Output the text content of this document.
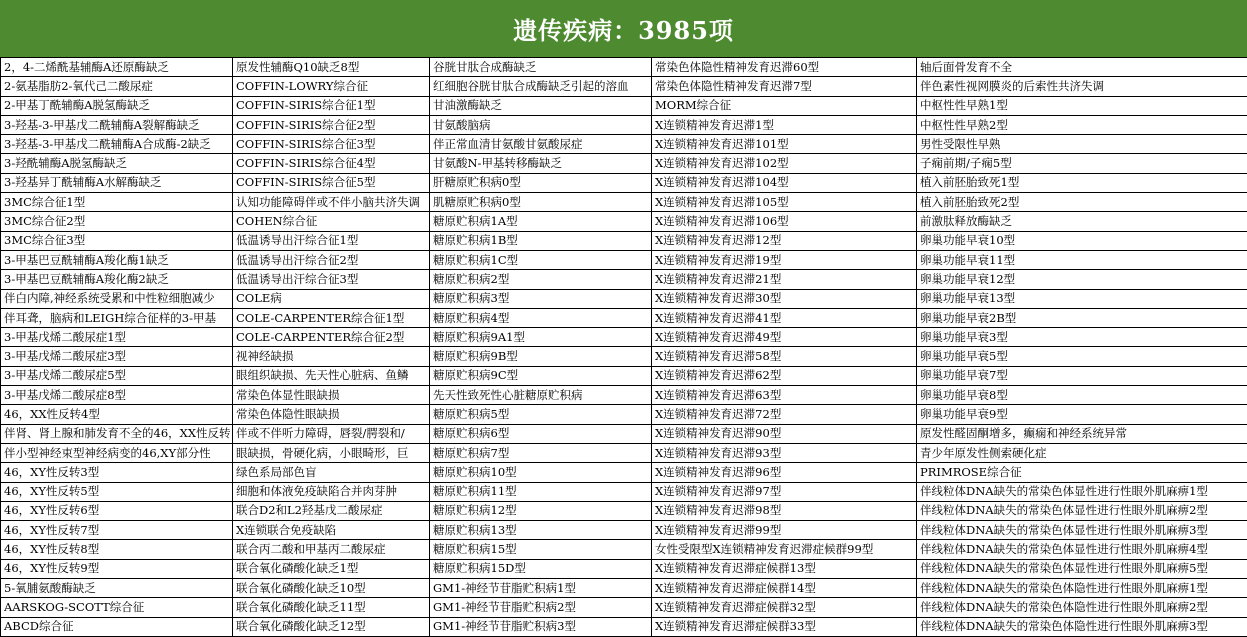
遗传疾病：3985项
2，4-二烯酰基辅酶A还原酶缺乏	原发性辅酶Q10缺乏8型	谷胱甘肽合成酶缺乏	常染色体隐性精神发育迟滞60型	轴后面骨发育不全
2-氨基脂肪2-氧代己二酸尿症	COFFIN-LOWRY综合征	红细胞谷胱甘肽合成酶缺乏引起的溶血	常染色体隐性精神发育迟滞7型	伴色素性视网膜炎的后索性共济失调
2-甲基丁酰辅酶A脱氢酶缺乏	COFFIN-SIRIS综合征1型	甘油激酶缺乏	MORM综合征	中枢性性早熟1型
3-羟基-3-甲基戊二酰辅酶A裂解酶缺乏	COFFIN-SIRIS综合征2型	甘氨酸脑病	X连锁精神发育迟滞1型	中枢性性早熟2型
3-羟基-3-甲基戊二酰辅酶A合成酶-2缺乏	COFFIN-SIRIS综合征3型	伴正常血清甘氨酸甘氨酸尿症	X连锁精神发育迟滞101型	男性受限性早熟
3-羟酰辅酶A脱氢酶缺乏	COFFIN-SIRIS综合征4型	甘氨酸N-甲基转移酶缺乏	X连锁精神发育迟滞102型	子痫前期/子痫5型
3-羟基异丁酰辅酶A水解酶缺乏	COFFIN-SIRIS综合征5型	肝糖原贮积病0型	X连锁精神发育迟滞104型	植入前胚胎致死1型
3MC综合征1型	认知功能障碍伴或不伴小脑共济失调	肌糖原贮积病0型	X连锁精神发育迟滞105型	植入前胚胎致死2型
3MC综合征2型	COHEN综合征	糖原贮积病1A型	X连锁精神发育迟滞106型	前激肽释放酶缺乏
3MC综合征3型	低温诱导出汗综合征1型	糖原贮积病1B型	X连锁精神发育迟滞12型	卵巢功能早衰10型
3-甲基巴豆酰辅酶A羧化酶1缺乏	低温诱导出汗综合征2型	糖原贮积病1C型	X连锁精神发育迟滞19型	卵巢功能早衰11型
3-甲基巴豆酰辅酶A羧化酶2缺乏	低温诱导出汗综合征3型	糖原贮积病2型	X连锁精神发育迟滞21型	卵巢功能早衰12型
伴白内障,神经系统受累和中性粒细胞减少	COLE病	糖原贮积病3型	X连锁精神发育迟滞30型	卵巢功能早衰13型
伴耳聋，脑病和LEIGH综合征样的3-甲基	COLE-CARPENTER综合征1型	糖原贮积病4型	X连锁精神发育迟滞41型	卵巢功能早衰2B型
3-甲基戊烯二酸尿症1型	COLE-CARPENTER综合征2型	糖原贮积病9A1型	X连锁精神发育迟滞49型	卵巢功能早衰3型
3-甲基戊烯二酸尿症3型	视神经缺损	糖原贮积病9B型	X连锁精神发育迟滞58型	卵巢功能早衰5型
3-甲基戊烯二酸尿症5型	眼组织缺损、先天性心脏病、鱼鳞	糖原贮积病9C型	X连锁精神发育迟滞62型	卵巢功能早衰7型
3-甲基戊烯二酸尿症8型	常染色体显性眼缺损	先天性致死性心脏糖原贮积病	X连锁精神发育迟滞63型	卵巢功能早衰8型
46，XX性反转4型	常染色体隐性眼缺损	糖原贮积病5型	X连锁精神发育迟滞72型	卵巢功能早衰9型
伴肾、肾上腺和肺发育不全的46，XX性反转	伴或不伴听力障碍，唇裂/腭裂和/	糖原贮积病6型	X连锁精神发育迟滞90型	原发性醛固酮增多，癫痫和神经系统异常
伴小型神经束型神经病变的46,XY部分性	眼缺损，骨硬化病，小眼畸形，巨	糖原贮积病7型	X连锁精神发育迟滞93型	青少年原发性侧索硬化症
46，XY性反转3型	绿色系局部色盲	糖原贮积病10型	X连锁精神发育迟滞96型	PRIMROSE综合征
46，XY性反转5型	细胞和体液免疫缺陷合并肉芽肿	糖原贮积病11型	X连锁精神发育迟滞97型	伴线粒体DNA缺失的常染色体显性进行性眼外肌麻痹1型
46，XY性反转6型	联合D2和L2羟基戊二酸尿症	糖原贮积病12型	X连锁精神发育迟滞98型	伴线粒体DNA缺失的常染色体显性进行性眼外肌麻痹2型
46，XY性反转7型	X连锁联合免疫缺陷	糖原贮积病13型	X连锁精神发育迟滞99型	伴线粒体DNA缺失的常染色体显性进行性眼外肌麻痹3型
46，XY性反转8型	联合丙二酸和甲基丙二酸尿症	糖原贮积病15型	女性受限型X连锁精神发育迟滞症候群99型	伴线粒体DNA缺失的常染色体显性进行性眼外肌麻痹4型
46，XY性反转9型	联合氧化磷酸化缺乏1型	糖原贮积病15D型	X连锁精神发育迟滞症候群13型	伴线粒体DNA缺失的常染色体显性进行性眼外肌麻痹5型
5-氧脯氨酸酶缺乏	联合氧化磷酸化缺乏10型	GM1-神经节苷脂贮积病1型	X连锁精神发育迟滞症候群14型	伴线粒体DNA缺失的常染色体隐性进行性眼外肌麻痹1型
AARSKOG-SCOTT综合征	联合氧化磷酸化缺乏11型	GM1-神经节苷脂贮积病2型	X连锁精神发育迟滞症候群32型	伴线粒体DNA缺失的常染色体隐性进行性眼外肌麻痹2型
ABCD综合征	联合氧化磷酸化缺乏12型	GM1-神经节苷脂贮积病3型	X连锁精神发育迟滞症候群33型	伴线粒体DNA缺失的常染色体隐性进行性眼外肌麻痹3型
